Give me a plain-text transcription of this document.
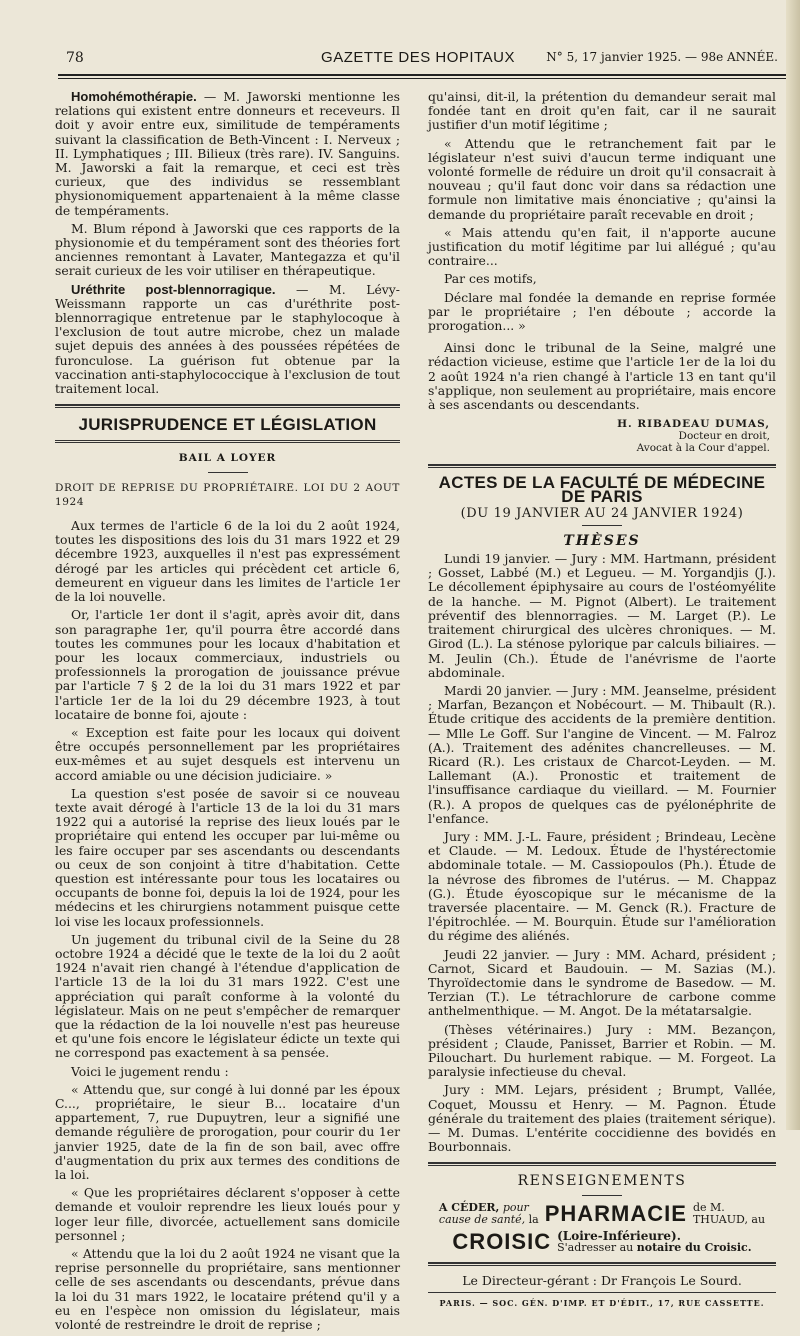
78	GAZETTE DES HOPITAUX	N° 5, 17 janvier 1925. — 98e ANNÉE.

Homohémothérapie. — M. Jaworski mentionne les relations qui existent entre donneurs et receveurs. Il doit y avoir entre eux, similitude de tempéraments suivant la classification de Beth-Vincent : I. Nerveux ; II. Lymphatiques ; III. Bilieux (très rare). IV. Sanguins. M. Jaworski a fait la remarque, et ceci est très curieux, que des individus se ressemblant physionomiquement appartenaient à la même classe de tempéraments.

M. Blum répond à Jaworski que ces rapports de la physionomie et du tempérament sont des théories fort anciennes remontant à Lavater, Mantegazza et qu'il serait curieux de les voir utiliser en thérapeutique.

Uréthrite post-blennorragique. — M. Lévy-Weissmann rapporte un cas d'uréthrite post-blennorragique entretenue par le staphylocoque à l'exclusion de tout autre microbe, chez un malade sujet depuis des années à des poussées répétées de furonculose. La guérison fut obtenue par la vaccination anti-staphylococcique à l'exclusion de tout traitement local.

JURISPRUDENCE ET LÉGISLATION
BAIL A LOYER

DROIT DE REPRISE DU PROPRIÉTAIRE. LOI DU 2 AOUT 1924

Aux termes de l'article 6 de la loi du 2 août 1924, toutes les dispositions des lois du 31 mars 1922 et 29 décembre 1923, auxquelles il n'est pas expressément dérogé par les articles qui précèdent cet article 6, demeurent en vigueur dans les limites de l'article 1er de la loi nouvelle.

Or, l'article 1er dont il s'agit, après avoir dit, dans son paragraphe 1er, qu'il pourra être accordé dans toutes les communes pour les locaux d'habitation et pour les locaux commerciaux, industriels ou professionnels la prorogation de jouissance prévue par l'article 7 § 2 de la loi du 31 mars 1922 et par l'article 1er de la loi du 29 décembre 1923, à tout locataire de bonne foi, ajoute :

« Exception est faite pour les locaux qui doivent être occupés personnellement par les propriétaires eux-mêmes et au sujet desquels est intervenu un accord amiable ou une décision judiciaire. »

La question s'est posée de savoir si ce nouveau texte avait dérogé à l'article 13 de la loi du 31 mars 1922 qui a autorisé la reprise des lieux loués par le propriétaire qui entend les occuper par lui-même ou les faire occuper par ses ascendants ou descendants ou ceux de son conjoint à titre d'habitation. Cette question est intéressante pour tous les locataires ou occupants de bonne foi, depuis la loi de 1924, pour les médecins et les chirurgiens notamment puisque cette loi vise les locaux professionnels.

Un jugement du tribunal civil de la Seine du 28 octobre 1924 a décidé que le texte de la loi du 2 août 1924 n'avait rien changé à l'étendue d'application de l'article 13 de la loi du 31 mars 1922. C'est une appréciation qui paraît conforme à la volonté du législateur. Mais on ne peut s'empêcher de remarquer que la rédaction de la loi nouvelle n'est pas heureuse et qu'une fois encore le législateur édicte un texte qui ne correspond pas exactement à sa pensée.

Voici le jugement rendu :

« Attendu que, sur congé à lui donné par les époux C..., propriétaire, le sieur B... locataire d'un appartement, 7, rue Dupuytren, leur a signifié une demande régulière de prorogation, pour courir du 1er janvier 1925, date de la fin de son bail, avec offre d'augmentation du prix aux termes des conditions de la loi.

« Que les propriétaires déclarent s'opposer à cette demande et vouloir reprendre les lieux loués pour y loger leur fille, divorcée, actuellement sans domicile personnel ;

« Attendu que la loi du 2 août 1924 ne visant que la reprise personnelle du propriétaire, sans mentionner celle de ses ascendants ou descendants, prévue dans la loi du 31 mars 1922, le locataire prétend qu'il y a eu en l'espèce non omission du législateur, mais volonté de restreindre le droit de reprise ;

qu'ainsi, dit-il, la prétention du demandeur serait mal fondée tant en droit qu'en fait, car il ne saurait justifier d'un motif légitime ;

« Attendu que le retranchement fait par le législateur n'est suivi d'aucun terme indiquant une volonté formelle de réduire un droit qu'il consacrait à nouveau ; qu'il faut donc voir dans sa rédaction une formule non limitative mais énonciative ; qu'ainsi la demande du propriétaire paraît recevable en droit ;

« Mais attendu qu'en fait, il n'apporte aucune justification du motif légitime par lui allégué ; qu'au contraire...

Par ces motifs,

Déclare mal fondée la demande en reprise formée par le propriétaire ; l'en déboute ; accorde la prorogation... »

Ainsi donc le tribunal de la Seine, malgré une rédaction vicieuse, estime que l'article 1er de la loi du 2 août 1924 n'a rien changé à l'article 13 en tant qu'il s'applique, non seulement au propriétaire, mais encore à ses ascendants ou descendants.

H. RIBADEAU DUMAS,
Docteur en droit,
Avocat à la Cour d'appel.
ACTES DE LA FACULTÉ DE MÉDECINE DE PARIS
(DU 19 JANVIER AU 24 JANVIER 1924)
THÈSES

Lundi 19 janvier. — Jury : MM. Hartmann, président ; Gosset, Labbé (M.) et Legueu. — M. Yorgandjis (J.). Le décollement épiphysaire au cours de l'ostéomyélite de la hanche. — M. Pignot (Albert). Le traitement préventif des blennorragies. — M. Larget (P.). Le traitement chirurgical des ulcères chroniques. — M. Girod (L.). La sténose pylorique par calculs biliaires. — M. Jeulin (Ch.). Étude de l'anévrisme de l'aorte abdominale.

Mardi 20 janvier. — Jury : MM. Jeanselme, président ; Marfan, Bezançon et Nobécourt. — M. Thibault (R.). Étude critique des accidents de la première dentition. — Mlle Le Goff. Sur l'angine de Vincent. — M. Falroz (A.). Traitement des adénites chancrelleuses. — M. Ricard (R.). Les cristaux de Charcot-Leyden. — M. Lallemant (A.). Pronostic et traitement de l'insuffisance cardiaque du vieillard. — M. Fournier (R.). A propos de quelques cas de pyélonéphrite de l'enfance.

Jury : MM. J.-L. Faure, président ; Brindeau, Lecène et Claude. — M. Ledoux. Étude de l'hystérectomie abdominale totale. — M. Cassiopoulos (Ph.). Étude de la névrose des fibromes de l'utérus. — M. Chappaz (G.). Étude éyoscopique sur le mécanisme de la traversée placentaire. — M. Genck (R.). Fracture de l'épitrochlée. — M. Bourquin. Étude sur l'amélioration du régime des aliénés.

Jeudi 22 janvier. — Jury : MM. Achard, président ; Carnot, Sicard et Baudouin. — M. Sazias (M.). Thyroïdectomie dans le syndrome de Basedow. — M. Terzian (T.). Le tétrachlorure de carbone comme anthelmenthique. — M. Angot. De la métatarsalgie.

(Thèses vétérinaires.) Jury : MM. Bezançon, président ; Claude, Panisset, Barrier et Robin. — M. Pilouchart. Du hurlement rabique. — M. Forgeot. La paralysie infectieuse du cheval.

Jury : MM. Lejars, président ; Brumpt, Vallée, Coquet, Moussu et Henry. — M. Pagnon. Étude générale du traitement des plaies (traitement sérique). — M. Dumas. L'entérite coccidienne des bovidés en Bourbonnais.

RENSEIGNEMENTS
A CÉDER, pour
cause de santé, la PHARMACIE de M.
THUAUD, au
CROISIC (Loire-Inférieure).
S'adresser au notaire du Croisic.
Le Directeur-gérant : Dr François Le Sourd.
PARIS. — SOC. GÉN. D'IMP. ET D'ÉDIT., 17, RUE CASSETTE.
